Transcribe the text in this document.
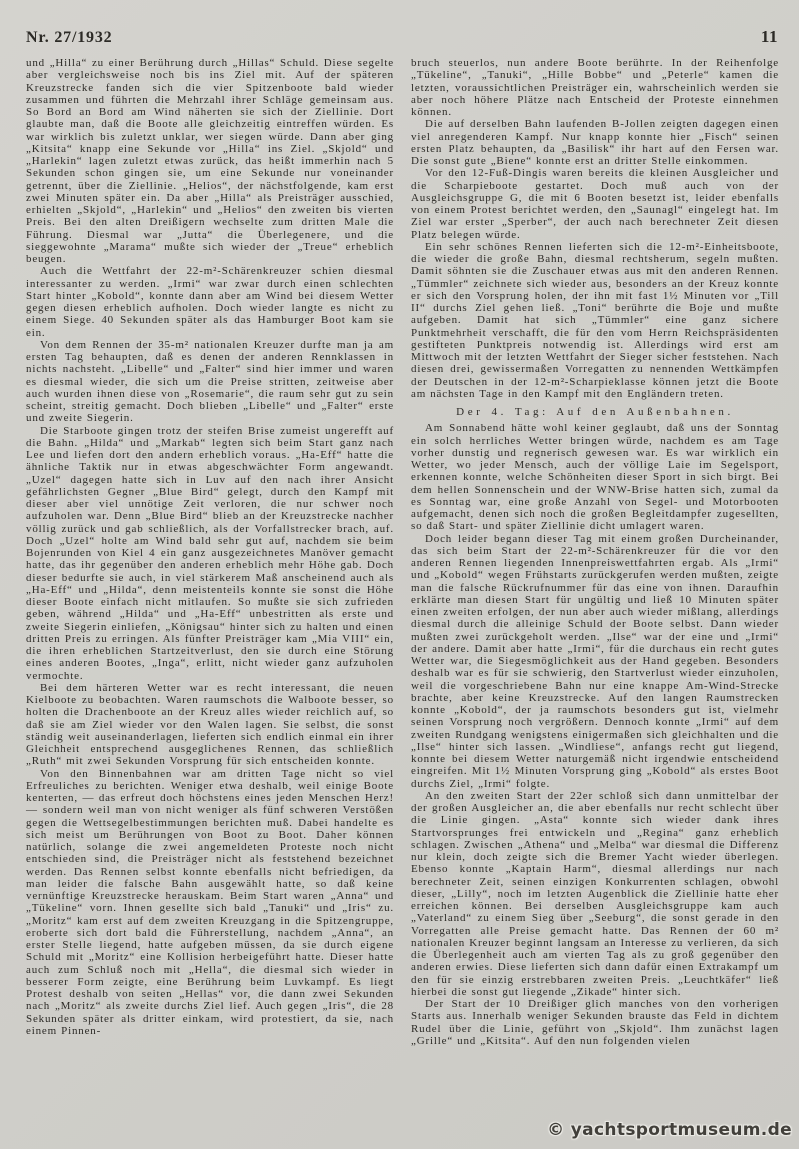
Nr. 27/1932	11

und „Hilla“ zu einer Berührung durch „Hillas“ Schuld. Diese segelte aber vergleichsweise noch bis ins Ziel mit. Auf der späteren Kreuzstrecke fanden sich die vier Spitzenboote bald wieder zusammen und führten die Mehrzahl ihrer Schläge gemeinsam aus. So Bord an Bord am Wind näherten sie sich der Ziellinie. Dort glaubte man, daß die Boote alle gleichzeitig eintreffen würden. Es war wirklich bis zuletzt unklar, wer siegen würde. Dann aber ging „Kitsita“ knapp eine Sekunde vor „Hilla“ ins Ziel. „Skjold“ und „Harlekin“ lagen zuletzt etwas zurück, das heißt immerhin nach 5 Sekunden schon gingen sie, um eine Sekunde nur voneinander getrennt, über die Ziellinie. „Helios“, der nächstfolgende, kam erst zwei Minuten später ein. Da aber „Hilla“ als Preisträger ausschied, erhielten „Skjold“, „Harlekin“ und „Helios“ den zweiten bis vierten Preis. Bei den alten Dreißigern wechselte zum dritten Male die Führung. Diesmal war „Jutta“ die Überlegenere, und die sieggewohnte „Marama“ mußte sich wieder der „Treue“ erheblich beugen.

Auch die Wettfahrt der 22-m²-Schärenkreuzer schien diesmal interessanter zu werden. „Irmi“ war zwar durch einen schlechten Start hinter „Kobold“, konnte dann aber am Wind bei diesem Wetter gegen diesen erheblich aufholen. Doch wieder langte es nicht zu einem Siege. 40 Sekunden später als das Hamburger Boot kam sie ein.

Von dem Rennen der 35-m² nationalen Kreuzer durfte man ja am ersten Tag behaupten, daß es denen der anderen Rennklassen in nichts nachsteht. „Libelle“ und „Falter“ sind hier immer und waren es diesmal wieder, die sich um die Preise stritten, zeitweise aber auch wurden ihnen diese von „Rosemarie“, die raum sehr gut zu sein scheint, streitig gemacht. Doch blieben „Libelle“ und „Falter“ erste und zweite Siegerin.

Die Starboote gingen trotz der steifen Brise zumeist ungerefft auf die Bahn. „Hilda“ und „Markab“ legten sich beim Start ganz nach Lee und liefen dort den andern erheblich voraus. „Ha-Eff“ hatte die ähnliche Taktik nur in etwas abgeschwächter Form angewandt. „Uzel“ dagegen hatte sich in Luv auf den nach ihrer Ansicht gefährlichsten Gegner „Blue Bird“ gelegt, durch den Kampf mit dieser aber viel unnötige Zeit verloren, die nur schwer noch aufzuholen war. Denn „Blue Bird“ blieb an der Kreuzstrecke nachher völlig zurück und gab schließlich, als der Vorfallstrecker brach, auf. Doch „Uzel“ holte am Wind bald sehr gut auf, nachdem sie beim Bojenrunden von Kiel 4 ein ganz ausgezeichnetes Manöver gemacht hatte, das ihr gegenüber den anderen erheblich mehr Höhe gab. Doch dieser bedurfte sie auch, in viel stärkerem Maß anscheinend auch als „Ha-Eff“ und „Hilda“, denn meistenteils konnte sie sonst die Höhe dieser Boote einfach nicht mitlaufen. So mußte sie sich zufrieden geben, während „Hilda“ und „Ha-Eff“ unbestritten als erste und zweite Siegerin einliefen, „Königsau“ hinter sich zu halten und einen dritten Preis zu erringen. Als fünfter Preisträger kam „Mia VIII“ ein, die ihren erheblichen Startzeitverlust, den sie durch eine Störung eines anderen Bootes, „Inga“, erlitt, nicht wieder ganz aufzuholen vermochte.

Bei dem härteren Wetter war es recht interessant, die neuen Kielboote zu beobachten. Waren raumschots die Walboote besser, so holten die Drachenboote an der Kreuz alles wieder reichlich auf, so daß sie am Ziel wieder vor den Walen lagen. Sie selbst, die sonst ständig weit auseinanderlagen, lieferten sich endlich einmal ein ihrer Gleichheit entsprechend ausgeglichenes Rennen, das schließlich „Ruth“ mit zwei Sekunden Vorsprung für sich entscheiden konnte.

Von den Binnenbahnen war am dritten Tage nicht so viel Erfreuliches zu berichten. Weniger etwa deshalb, weil einige Boote kenterten, — das erfreut doch höchstens eines jeden Menschen Herz! — sondern weil man von nicht weniger als fünf schweren Verstößen gegen die Wettsegelbestimmungen berichten muß. Dabei handelte es sich meist um Berührungen von Boot zu Boot. Daher können natürlich, solange die zwei angemeldeten Proteste noch nicht entschieden sind, die Preisträger nicht als feststehend bezeichnet werden. Das Rennen selbst konnte ebenfalls nicht befriedigen, da man leider die falsche Bahn ausgewählt hatte, so daß keine vernünftige Kreuzstrecke herauskam. Beim Start waren „Anna“ und „Tükeline“ vorn. Ihnen gesellte sich bald „Tanuki“ und „Iris“ zu. „Moritz“ kam erst auf dem zweiten Kreuzgang in die Spitzengruppe, eroberte sich dort bald die Führerstellung, nachdem „Anna“, an erster Stelle liegend, hatte aufgeben müssen, da sie durch eigene Schuld mit „Moritz“ eine Kollision herbeigeführt hatte. Dieser hatte auch zum Schluß noch mit „Hella“, die diesmal sich wieder in besserer Form zeigte, eine Berührung beim Luvkampf. Es liegt Protest deshalb von seiten „Hellas“ vor, die dann zwei Sekunden nach „Moritz“ als zweite durchs Ziel lief. Auch gegen „Iris“, die 28 Sekunden später als dritter einkam, wird protestiert, da sie, nach einem Pinnen-

bruch steuerlos, nun andere Boote berührte. In der Reihenfolge „Tükeline“, „Tanuki“, „Hille Bobbe“ und „Peterle“ kamen die letzten, voraussichtlichen Preisträger ein, wahrscheinlich werden sie aber noch höhere Plätze nach Entscheid der Proteste einnehmen können.

Die auf derselben Bahn laufenden B-Jollen zeigten dagegen einen viel anregenderen Kampf. Nur knapp konnte hier „Fisch“ seinen ersten Platz behaupten, da „Basilisk“ ihr hart auf den Fersen war. Die sonst gute „Biene“ konnte erst an dritter Stelle einkommen.

Vor den 12-Fuß-Dingis waren bereits die kleinen Ausgleicher und die Scharpieboote gestartet. Doch muß auch von der Ausgleichsgruppe G, die mit 6 Booten besetzt ist, leider ebenfalls von einem Protest berichtet werden, den „Saunagl“ eingelegt hat. Im Ziel war erster „Sperber“, der auch nach berechneter Zeit diesen Platz belegen würde.

Ein sehr schönes Rennen lieferten sich die 12-m²-Einheitsboote, die wieder die große Bahn, diesmal rechtsherum, segeln mußten. Damit söhnten sie die Zuschauer etwas aus mit den anderen Rennen. „Tümmler“ zeichnete sich wieder aus, besonders an der Kreuz konnte er sich den Vorsprung holen, der ihn mit fast 1½ Minuten vor „Till II“ durchs Ziel gehen ließ. „Toni“ berührte die Boje und mußte aufgeben. Damit hat sich „Tümmler“ eine ganz sichere Punktmehrheit verschafft, die für den vom Herrn Reichspräsidenten gestifteten Punktpreis notwendig ist. Allerdings wird erst am Mittwoch mit der letzten Wettfahrt der Sieger sicher feststehen. Nach diesen drei, gewissermaßen Vorregatten zu nennenden Wettkämpfen der Deutschen in der 12-m²-Scharpieklasse können jetzt die Boote am nächsten Tage in den Kampf mit den Engländern treten.

Der 4. Tag: Auf den Außenbahnen.

Am Sonnabend hätte wohl keiner geglaubt, daß uns der Sonntag ein solch herrliches Wetter bringen würde, nachdem es am Tage vorher dunstig und regnerisch gewesen war. Es war wirklich ein Wetter, wo jeder Mensch, auch der völlige Laie im Segelsport, erkennen konnte, welche Schönheiten dieser Sport in sich birgt. Bei dem hellen Sonnenschein und der WNW-Brise hatten sich, zumal da es Sonntag war, eine große Anzahl von Segel- und Motorbooten aufgemacht, denen sich noch die großen Begleitdampfer zugesellten, so daß Start- und später Ziellinie dicht umlagert waren.

Doch leider begann dieser Tag mit einem großen Durcheinander, das sich beim Start der 22-m²-Schärenkreuzer für die vor den anderen Rennen liegenden Innenpreiswettfahrten ergab. Als „Irmi“ und „Kobold“ wegen Frühstarts zurückgerufen werden mußten, zeigte man die falsche Rückrufnummer für das eine von ihnen. Daraufhin erklärte man diesen Start für ungültig und ließ 10 Minuten später einen zweiten erfolgen, der nun aber auch wieder mißlang, allerdings diesmal durch die alleinige Schuld der Boote selbst. Dann wieder mußten zwei zurückgeholt werden. „Ilse“ war der eine und „Irmi“ der andere. Damit aber hatte „Irmi“, für die durchaus ein recht gutes Wetter war, die Siegesmöglichkeit aus der Hand gegeben. Besonders deshalb war es für sie schwierig, den Startverlust wieder einzuholen, weil die vorgeschriebene Bahn nur eine knappe Am-Wind-Strecke brachte, aber keine Kreuzstrecke. Auf den langen Raumstrecken konnte „Kobold“, der ja raumschots besonders gut ist, vielmehr seinen Vorsprung noch vergrößern. Dennoch konnte „Irmi“ auf dem zweiten Rundgang wenigstens einigermaßen sich gleichhalten und die „Ilse“ hinter sich lassen. „Windliese“, anfangs recht gut liegend, konnte bei diesem Wetter naturgemäß nicht irgendwie entscheidend eingreifen. Mit 1½ Minuten Vorsprung ging „Kobold“ als erstes Boot durchs Ziel, „Irmi“ folgte.

An den zweiten Start der 22er schloß sich dann unmittelbar der der großen Ausgleicher an, die aber ebenfalls nur recht schlecht über die Linie gingen. „Asta“ konnte sich wieder dank ihres Startvorsprunges frei entwickeln und „Regina“ ganz erheblich schlagen. Zwischen „Athena“ und „Melba“ war diesmal die Differenz nur klein, doch zeigte sich die Bremer Yacht wieder überlegen. Ebenso konnte „Kaptain Harm“, diesmal allerdings nur nach berechneter Zeit, seinen einzigen Konkurrenten schlagen, obwohl dieser, „Lilly“, noch im letzten Augenblick die Ziellinie hatte eher erreichen können. Bei derselben Ausgleichsgruppe kam auch „Vaterland“ zu einem Sieg über „Seeburg“, die sonst gerade in den Vorregatten alle Preise gemacht hatte. Das Rennen der 60 m² nationalen Kreuzer beginnt langsam an Interesse zu verlieren, da sich die Überlegenheit auch am vierten Tag als zu groß gegenüber den anderen erwies. Diese lieferten sich dann dafür einen Extrakampf um den für sie einzig erstrebbaren zweiten Preis. „Leuchtkäfer“ ließ hierbei die sonst gut liegende „Zikade“ hinter sich.

Der Start der 10 Dreißiger glich manches von den vorherigen Starts aus. Innerhalb weniger Sekunden brauste das Feld in dichtem Rudel über die Linie, geführt von „Skjold“. Ihm zunächst lagen „Grille“ und „Kitsita“. Auf den nun folgenden vielen

© yachtsportmuseum.de
